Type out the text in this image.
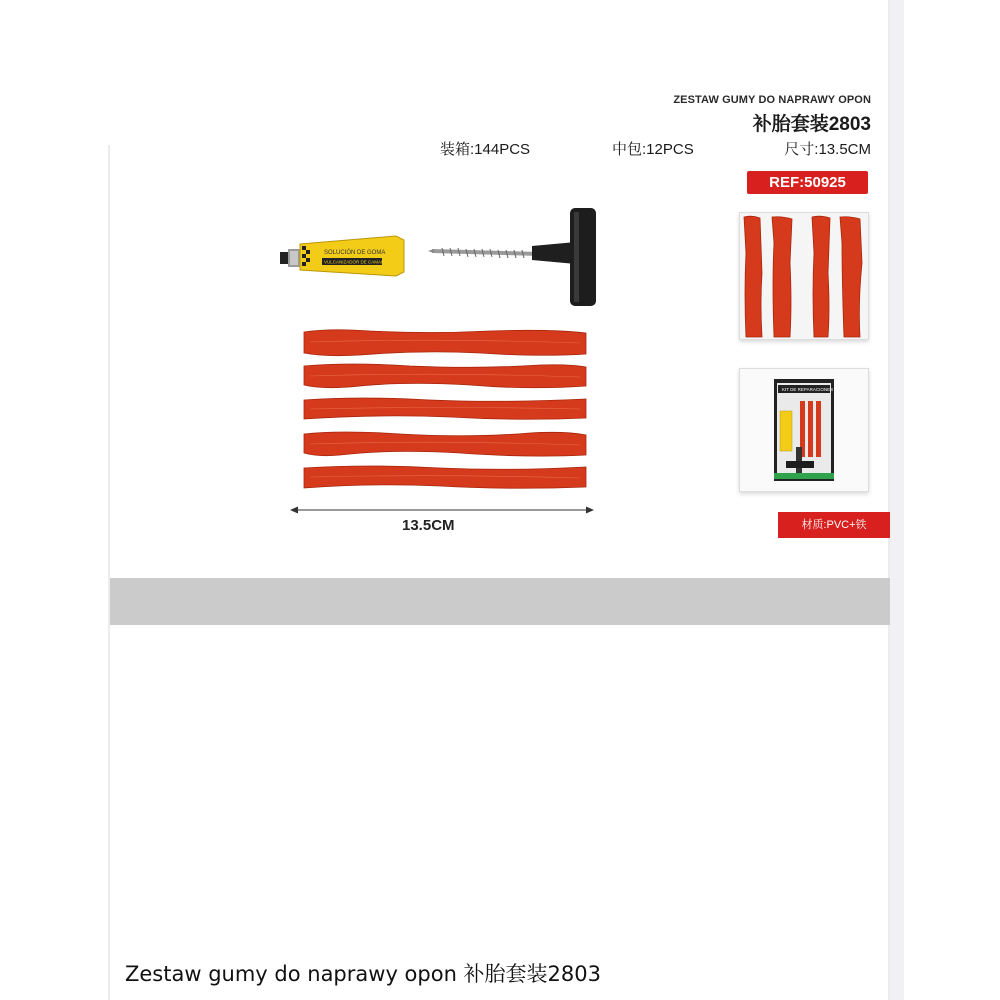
ZESTAW GUMY DO NAPRAWY OPON
补胎套装2803
装箱:144PCS	中包:12PCS	尺寸:13.5CM
REF:50925
SOLUCIÓN DE GOMA
VULCANIZADOR DE CAMARAS
13.5CM
KIT DE REPARACIONES
材质:PVC+铁
Zestaw gumy do naprawy opon 补胎套装2803
